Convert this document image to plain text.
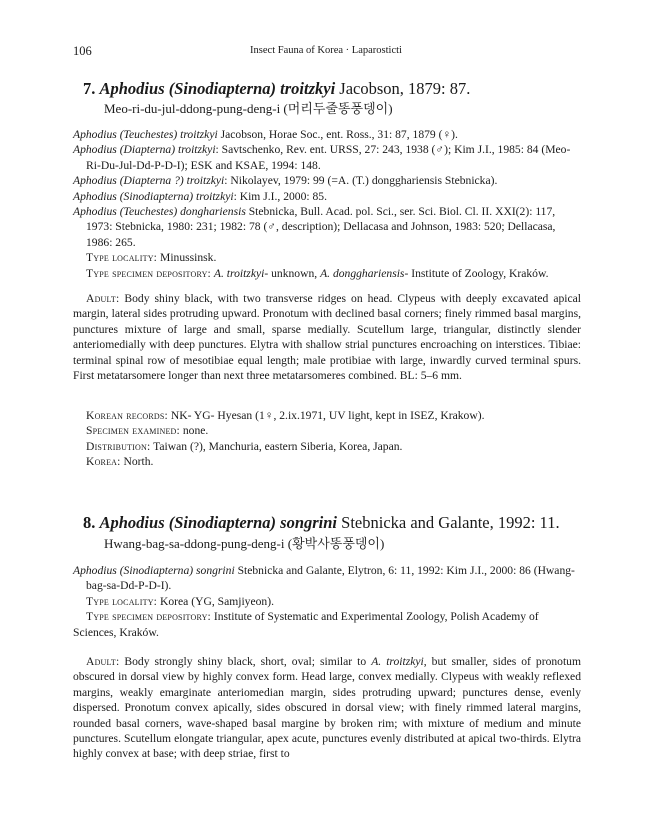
106	Insect Fauna of Korea · Laparosticti
7. Aphodius (Sinodiapterna) troitzkyi Jacobson, 1879: 87.
Meo-ri-du-jul-ddong-pung-deng-i (머리두줄똥풍뎅이)

Aphodius (Teuchestes) troitzkyi Jacobson, Horae Soc., ent. Ross., 31: 87, 1879 (♀).

Aphodius (Diapterna) troitzkyi: Savtschenko, Rev. ent. URSS, 27: 243, 1938 (♂); Kim J.I., 1985: 84 (Meo-Ri-Du-Jul-Dd-P-D-I); ESK and KSAE, 1994: 148.

Aphodius (Diapterna ?) troitzkyi: Nikolayev, 1979: 99 (=A. (T.) dongghariensis Stebnicka).

Aphodius (Sinodiapterna) troitzkyi: Kim J.I., 2000: 85.

Aphodius (Teuchestes) donghariensis Stebnicka, Bull. Acad. pol. Sci., ser. Sci. Biol. Cl. II. XXI(2): 117, 1973: Stebnicka, 1980: 231; 1982: 78 (♂, description); Dellacasa and Johnson, 1983: 520; Dellacasa, 1986: 265.

Type locality: Minussinsk.

Type specimen depository: A. troitzkyi- unknown, A. dongghariensis- Institute of Zoology, Kraków.

Adult: Body shiny black, with two transverse ridges on head. Clypeus with deeply excavated apical margin, lateral sides protruding upward. Pronotum with declined basal corners; finely rimmed basal margins, punctures mixture of large and small, sparse medially. Scutellum large, triangular, distinctly slender anteriomedially with deep punctures. Elytra with shallow strial punctures encroaching on interstices. Tibiae: terminal spinal row of mesotibiae equal length; male protibiae with large, inwardly curved terminal spurs. First metatarsomere longer than next three metatarsomeres combined. BL: 5–6 mm.

Korean records: NK- YG- Hyesan (1♀, 2.ix.1971, UV light, kept in ISEZ, Krakow).

Specimen examined: none.

Distribution: Taiwan (?), Manchuria, eastern Siberia, Korea, Japan.

Korea: North.

8. Aphodius (Sinodiapterna) songrini Stebnicka and Galante, 1992: 11.
Hwang-bag-sa-ddong-pung-deng-i (황박사똥풍뎅이)

Aphodius (Sinodiapterna) songrini Stebnicka and Galante, Elytron, 6: 11, 1992: Kim J.I., 2000: 86 (Hwang-bag-sa-Dd-P-D-I).

Type locality: Korea (YG, Samjiyeon).

Type specimen depository: Institute of Systematic and Experimental Zoology, Polish Academy of Sciences, Kraków.

Adult: Body strongly shiny black, short, oval; similar to A. troitzkyi, but smaller, sides of pronotum obscured in dorsal view by highly convex form. Head large, convex medially. Clypeus with weakly reflexed margins, weakly emarginate anteriomedian margin, sides protruding upward; punctures dense, evenly dispersed. Pronotum convex apically, sides obscured in dorsal view; with finely rimmed lateral margins, rounded basal corners, wave-shaped basal margine by broken rim; with mixture of medium and minute punctures. Scutellum elongate triangular, apex acute, punctures evenly distributed at apical two-thirds. Elytra highly convex at base; with deep striae, first to
